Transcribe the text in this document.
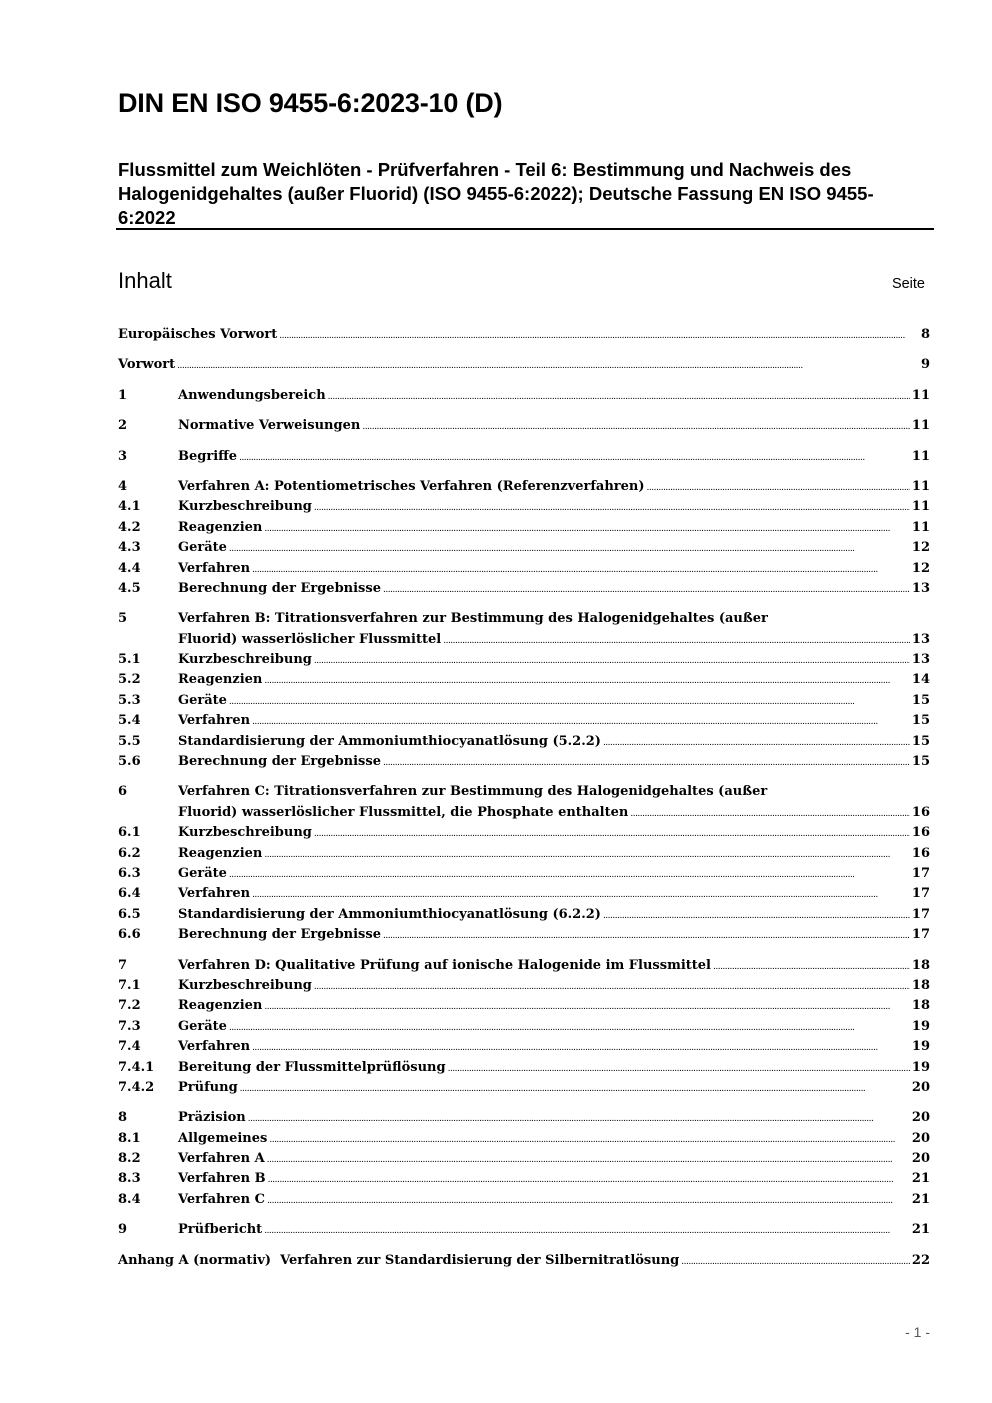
DIN EN ISO 9455-6:2023-10 (D)
Flussmittel zum Weichlöten - Prüfverfahren - Teil 6: Bestimmung und Nachweis des Halogenidgehaltes (außer Fluorid) (ISO 9455-6:2022); Deutsche Fassung EN ISO 9455-6:2022
Inhalt	Seite
Europäisches Vorwort .....	8
Vorwort .....	9
1	Anwendungsbereich .....	11
2	Normative Verweisungen .....	11
3	Begriffe .....	11
4	Verfahren A: Potentiometrisches Verfahren (Referenzverfahren) .....	11
4.1	Kurzbeschreibung .....	11
4.2	Reagenzien .....	11
4.3	Geräte .....	12
4.4	Verfahren .....	12
4.5	Berechnung der Ergebnisse .....	13
5	Verfahren B: Titrationsverfahren zur Bestimmung des Halogenidgehaltes (außer
Fluorid) wasserlöslicher Flussmittel .....	13
5.1	Kurzbeschreibung .....	13
5.2	Reagenzien .....	14
5.3	Geräte .....	15
5.4	Verfahren .....	15
5.5	Standardisierung der Ammoniumthiocyanatlösung (5.2.2) .....	15
5.6	Berechnung der Ergebnisse .....	15
6	Verfahren C: Titrationsverfahren zur Bestimmung des Halogenidgehaltes (außer
Fluorid) wasserlöslicher Flussmittel, die Phosphate enthalten .....	16
6.1	Kurzbeschreibung .....	16
6.2	Reagenzien .....	16
6.3	Geräte .....	17
6.4	Verfahren .....	17
6.5	Standardisierung der Ammoniumthiocyanatlösung (6.2.2) .....	17
6.6	Berechnung der Ergebnisse .....	17
7	Verfahren D: Qualitative Prüfung auf ionische Halogenide im Flussmittel .....	18
7.1	Kurzbeschreibung .....	18
7.2	Reagenzien .....	18
7.3	Geräte .....	19
7.4	Verfahren .....	19
7.4.1	Bereitung der Flussmittelprüflösung .....	19
7.4.2	Prüfung .....	20
8	Präzision .....	20
8.1	Allgemeines .....	20
8.2	Verfahren A .....	20
8.3	Verfahren B .....	21
8.4	Verfahren C .....	21
9	Prüfbericht .....	21
Anhang A (normativ)  Verfahren zur Standardisierung der Silbernitratlösung .....	22
- 1 -
